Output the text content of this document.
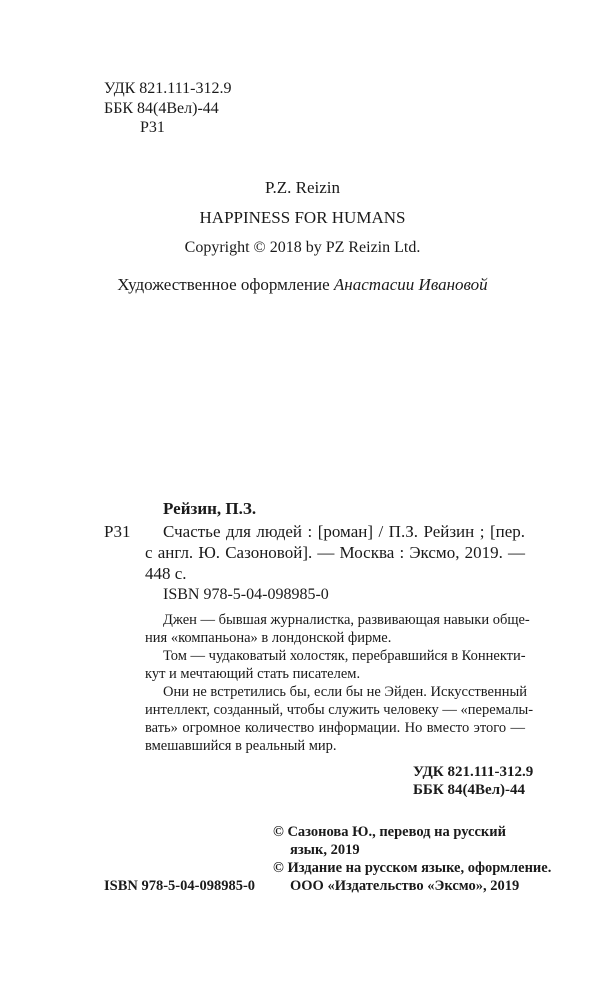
УДК 821.111-312.9

ББК 84(4Вел)-44

Р31

P.Z. Reizin

HAPPINESS FOR HUMANS

Copyright © 2018 by PZ Reizin Ltd.

Художественное оформление Анастасии Ивановой

Рейзин, П.З.

Р31 Счастье для людей : [роман] / П.З. Рейзин ; [пер.

с англ. Ю. Сазоновой]. — Москва : Эксмо, 2019. —

448 с.

ISBN 978-5-04-098985-0

Джен — бывшая журналистка, развивающая навыки обще-

ния «компаньона» в лондонской фирме.

Том — чудаковатый холостяк, перебравшийся в Коннекти-

кут и мечтающий стать писателем.

Они не встретились бы, если бы не Эйден. Искусственный

интеллект, созданный, чтобы служить человеку — «перемалы-

вать» огромное количество информации. Но вместо этого —

вмешавшийся в реальный мир.

УДК 821.111-312.9

ББК 84(4Вел)-44

© Сазонова Ю., перевод на русский

язык, 2019

© Издание на русском языке, оформление.

ООО «Издательство «Эксмо», 2019

ISBN 978-5-04-098985-0
